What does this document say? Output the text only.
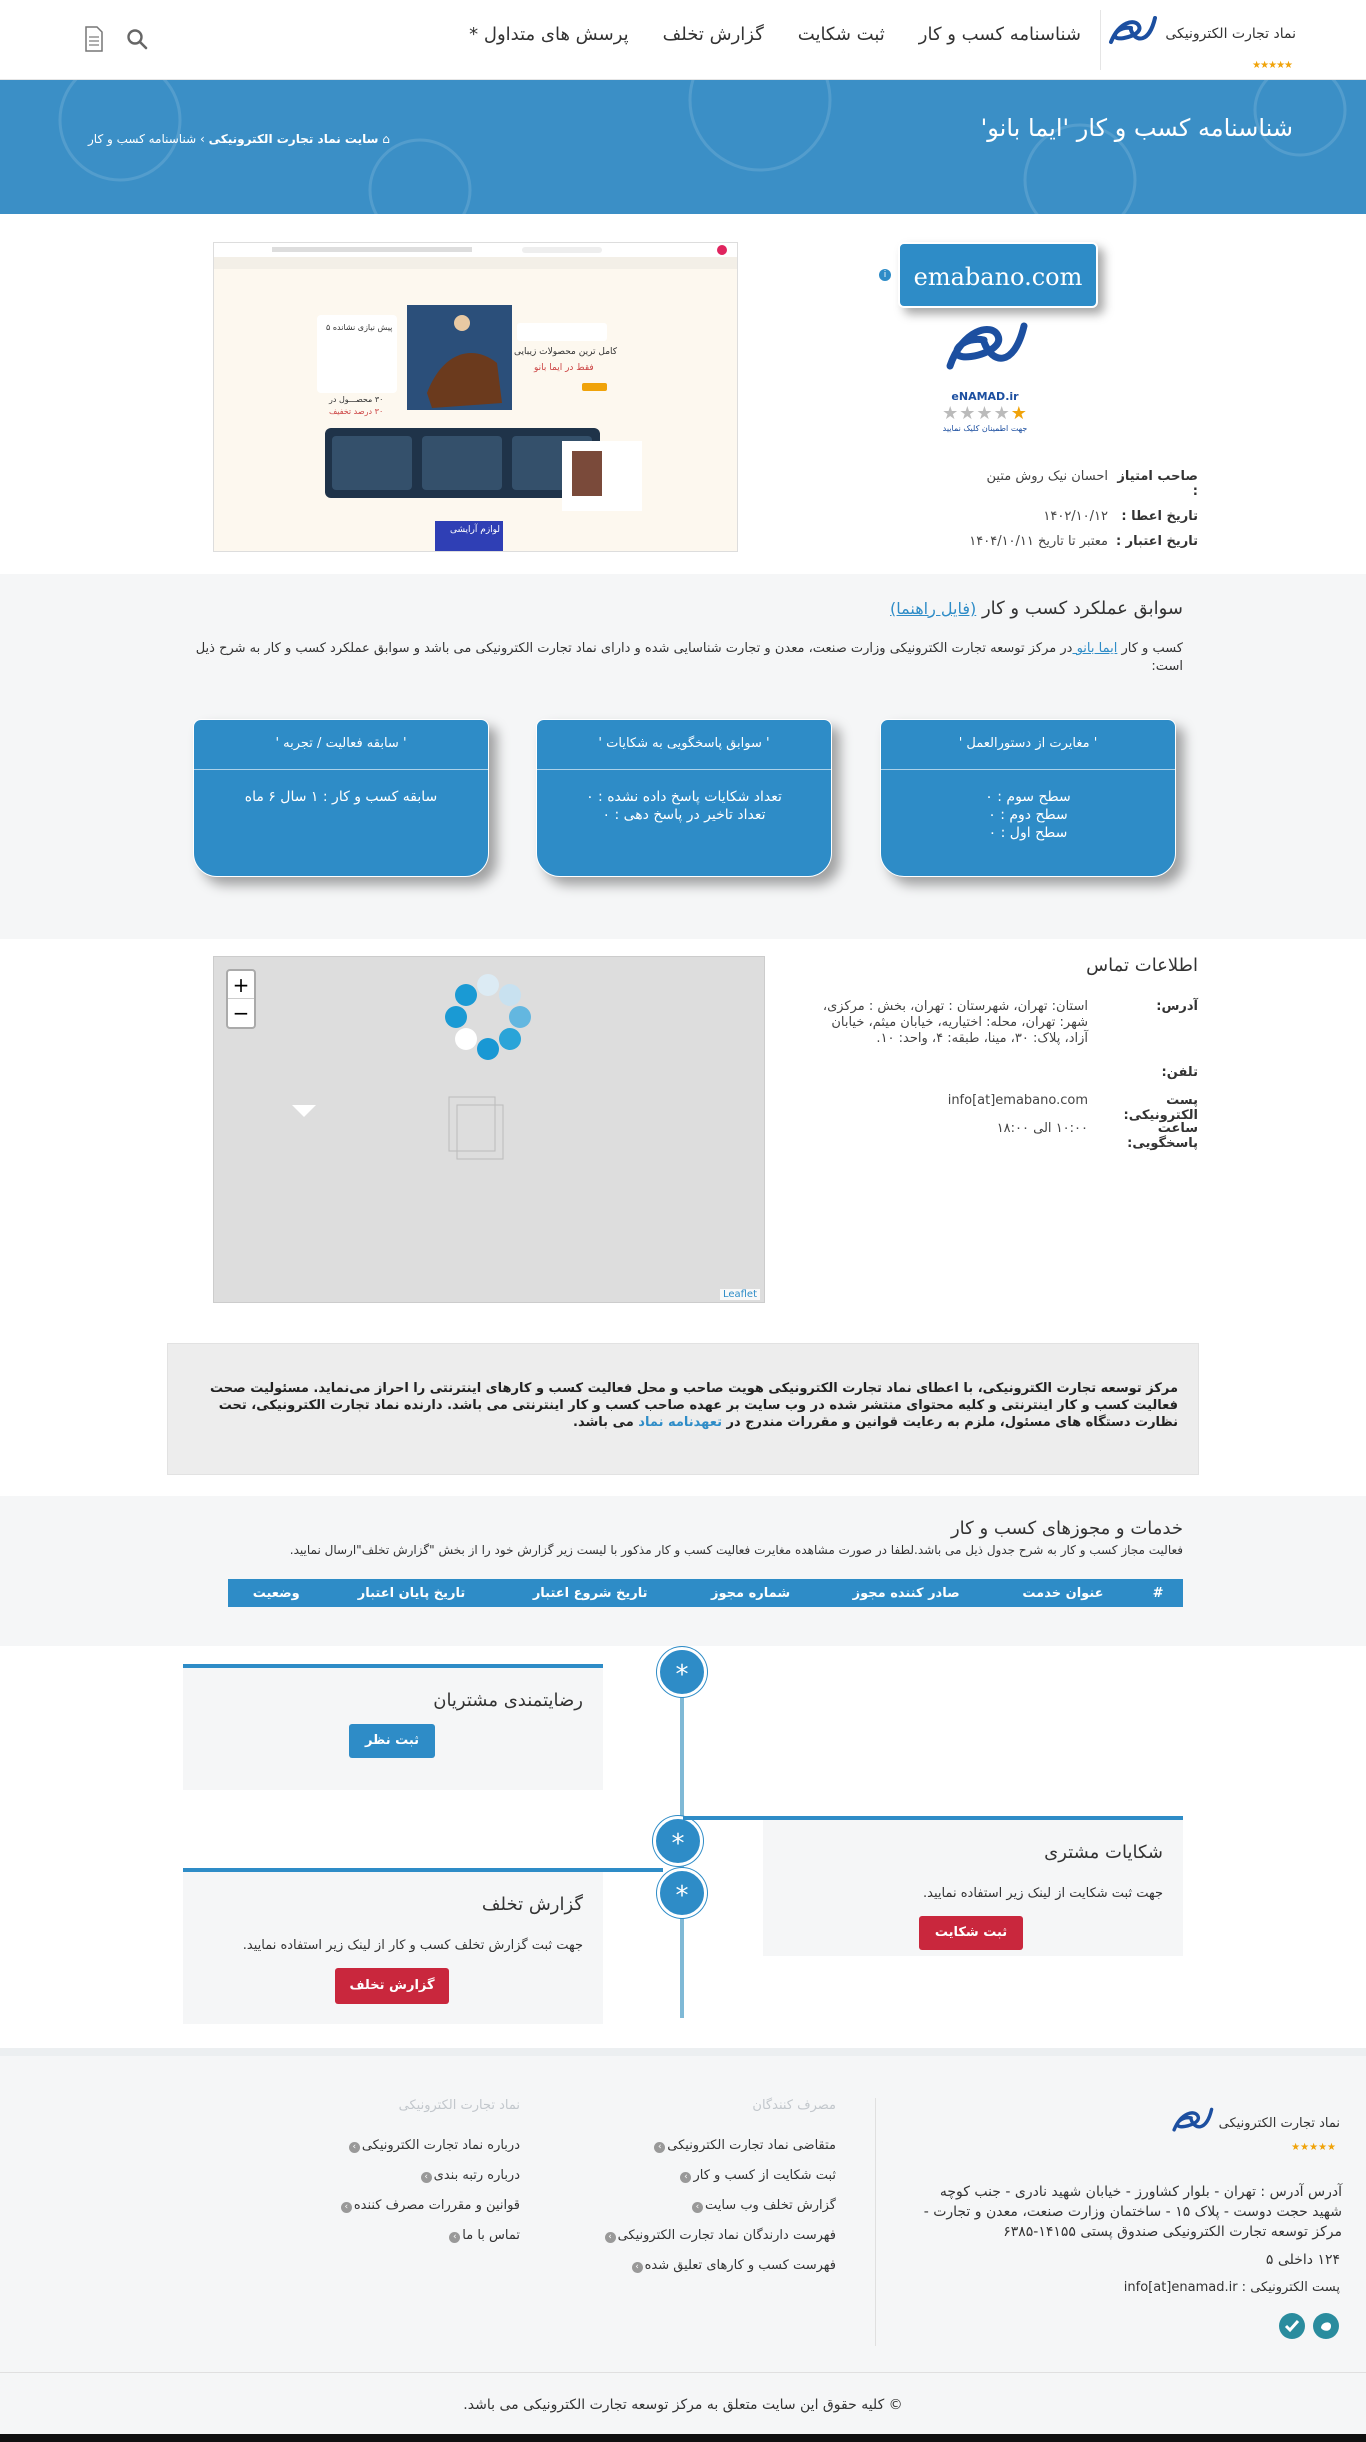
نماد تجارت الکترونیکی
★★★★★
شناسنامه کسب و کار
ثبت شکایت
گزارش تخلف
پرسش های متداول *
شناسنامه کسب و کار 'ایما بانو'
⌂ سایت نماد تجارت الکترونیکی › شناسنامه کسب و کار
emabano.com
i
eNAMAD.ir
★★★★★
جهت اطمینان کلیک نمایید
صاحب امتیاز :
احسان نیک روش متین
تاریخ اعطا :
۱۴۰۲/۱۰/۱۲
تاریخ اعتبار :
معتبر تا تاریخ ۱۴۰۴/۱۰/۱۱
کامل ترین محصولات زیبایی
فقط در ایما بانو
لوازم آرایشی
پیش نیازی نشانده ۵
۳۰ محصـــول در
۳۰ درصد تخفیف
سوابق عملکرد کسب و کار (فایل راهنما)

کسب و کار ایما بانو در مرکز توسعه تجارت الکترونیکی وزارت صنعت، معدن و تجارت شناسایی شده و دارای نماد تجارت الکترونیکی می باشد و سوابق عملکرد کسب و کار به شرح ذیل است:

' مغایرت از دستورالعمل '
سطح سوم : ۰
سطح دوم : ۰
سطح اول : ۰
' سوابق پاسخگویی به شکایات '
تعداد شکایات پاسخ داده نشده : ۰
تعداد تاخیر در پاسخ دهی : ۰
' سابقه فعالیت / تجربه '
سابقه کسب و کار : ۱ سال ۶ ماه
اطلاعات تماس
آدرس:
استان: تهران، شهرستان : تهران، بخش : مرکزی، شهر: تهران، محله: اختیاریه، خیابان میثم، خیابان آزاد، پلاک: ۳۰، مینا، طبقه: ۴، واحد: ۱۰.
تلفن:
پست الکترونیکی:
info[at]emabano.com
ساعت پاسخگویی:
۱۰:۰۰ الی ۱۸:۰۰
+
−
Leaflet

مرکز توسعه تجارت الکترونیکی، با اعطای نماد تجارت الکترونیکی هویت صاحب و محل فعالیت کسب و کارهای اینترنتی را احراز می‌نماید. مسئولیت صحت فعالیت کسب و کار اینترنتی و کلیه محتوای منتشر شده در وب سایت بر عهده صاحب کسب و کار اینترنتی می باشد. دارنده نماد تجارت الکترونیکی، تحت نظارت دستگاه های مسئول، ملزم به رعایت قوانین و مقررات مندرج در تعهدنامه نماد می باشد.

خدمات و مجوزهای کسب و کار
فعالیت مجاز کسب و کار به شرح جدول ذیل می باشد.لطفا در صورت مشاهده مغایرت فعالیت کسب و کار مذکور با لیست زیر گزارش خود را از بخش "گزارش تخلف"ارسال نمایید.
#	عنوان خدمت	صادر کننده مجوز	شماره مجوز	تاریخ شروع اعتبار	تاریخ پایان اعتبار	وضعیت
رضایتمندی مشتریان
ثبت نظر
*
شکایات مشتری
جهت ثبت شکایت از لینک زیر استفاده نمایید.
ثبت شکایت
*
گزارش تخلف
جهت ثبت گزارش تخلف کسب و کار از لینک زیر استفاده نمایید.
گزارش تخلف
*
نماد تجارت الکترونیکی
★★★★★
آدرس آدرس : تهران - بلوار کشاورز - خیابان شهید نادری - جنب کوچه شهید حجت دوست - پلاک ۱۵ - ساختمان وزارت صنعت، معدن و تجارت - مرکز توسعه تجارت الکترونیکی صندوق پستی ۱۴۱۵۵-۶۳۸۵
۱۲۴ داخلی ۵
پست الکترونیکی : info[at]enamad.ir
مصرف کنندگان
متقاضی نماد تجارت الکترونیکی ›
ثبت شکایت از کسب و کار ›
گزارش تخلف وب سایت ›
فهرست دارندگان نماد تجارت الکترونیکی ›
فهرست کسب و کارهای تعلیق شده ›
نماد تجارت الکترونیکی
درباره نماد تجارت الکترونیکی ›
درباره رتبه بندی ›
قوانین و مقررات مصرف کننده ›
تماس با ما ›
© کلیه حقوق این سایت متعلق به مرکز توسعه تجارت الکترونیکی می باشد.
